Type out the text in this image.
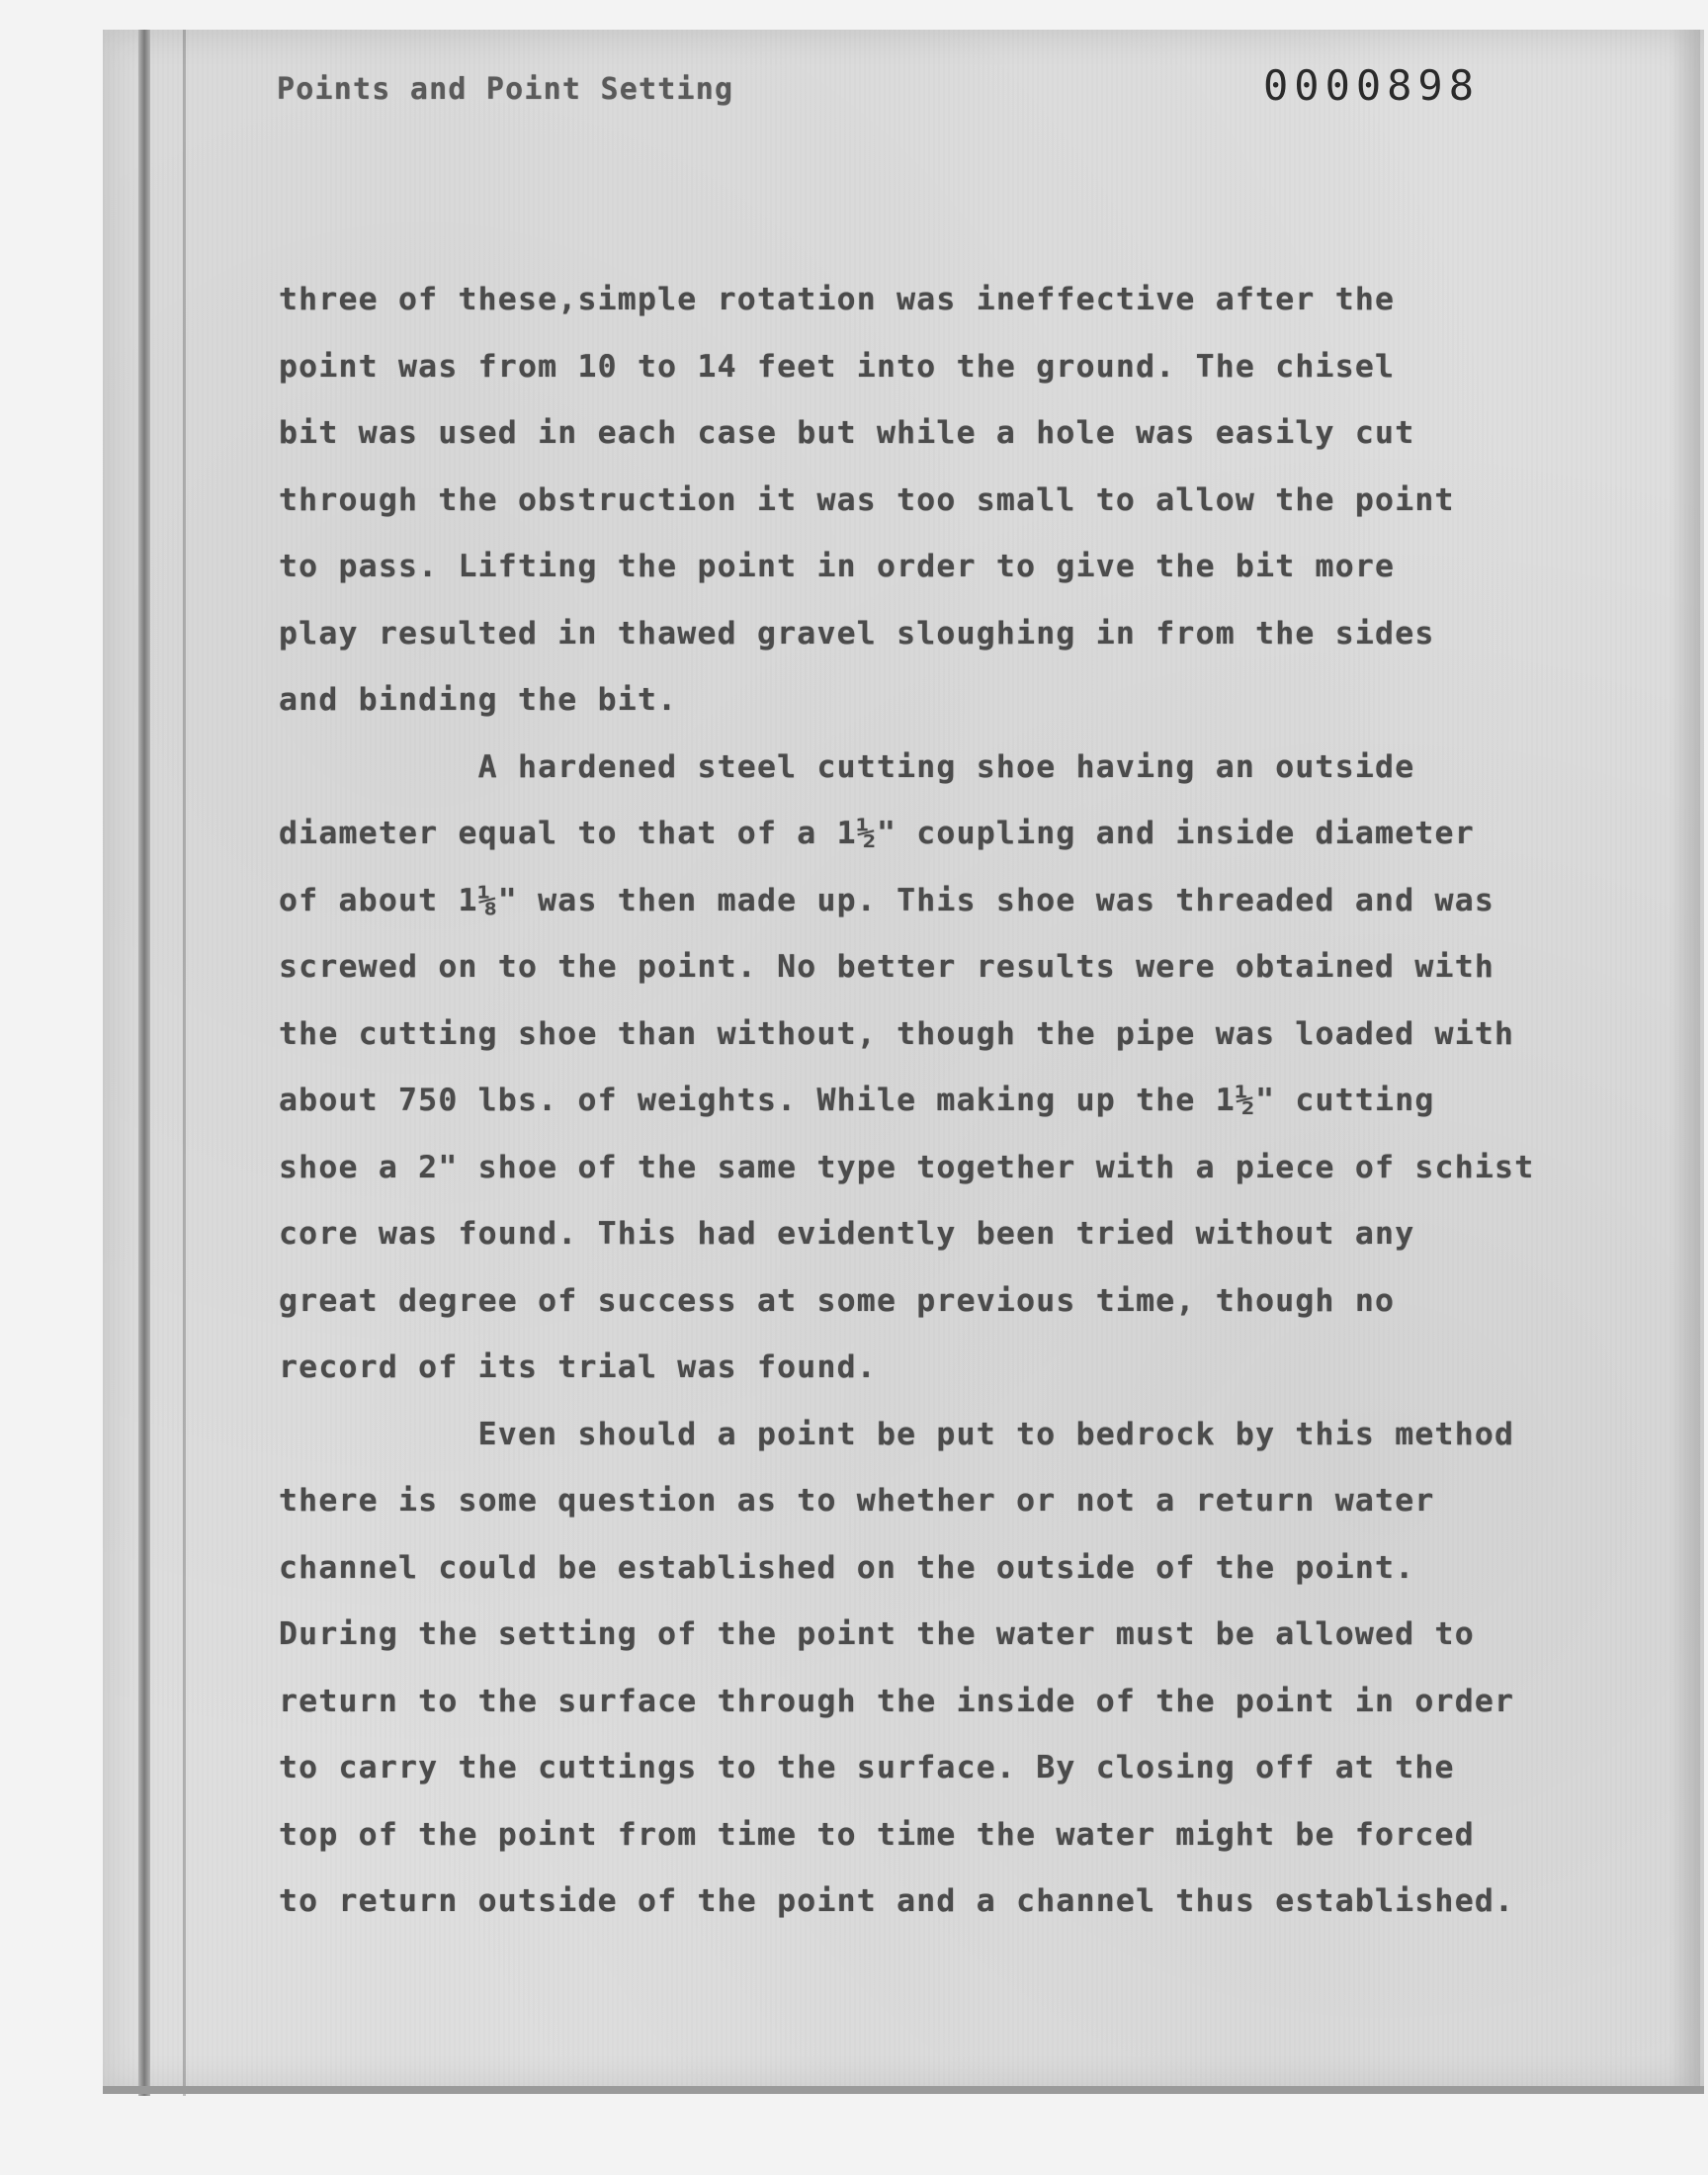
Points and Point Setting	0000898
three of these,simple rotation was ineffective after the
point was from 10 to 14 feet into the ground. The chisel
bit was used in each case but while a hole was easily cut
through the obstruction it was too small to allow the point
to pass. Lifting the point in order to give the bit more
play resulted in thawed gravel sloughing in from the sides
and binding the bit.
A hardened steel cutting shoe having an outside
diameter equal to that of a 1½" coupling and inside diameter
of about 1⅛" was then made up. This shoe was threaded and was
screwed on to the point. No better results were obtained with
the cutting shoe than without, though the pipe was loaded with
about 750 lbs. of weights. While making up the 1½" cutting
shoe a 2" shoe of the same type together with a piece of schist
core was found. This had evidently been tried without any
great degree of success at some previous time, though no
record of its trial was found.
Even should a point be put to bedrock by this method
there is some question as to whether or not a return water
channel could be established on the outside of the point.
During the setting of the point the water must be allowed to
return to the surface through the inside of the point in order
to carry the cuttings to the surface. By closing off at the
top of the point from time to time the water might be forced
to return outside of the point and a channel thus established.
